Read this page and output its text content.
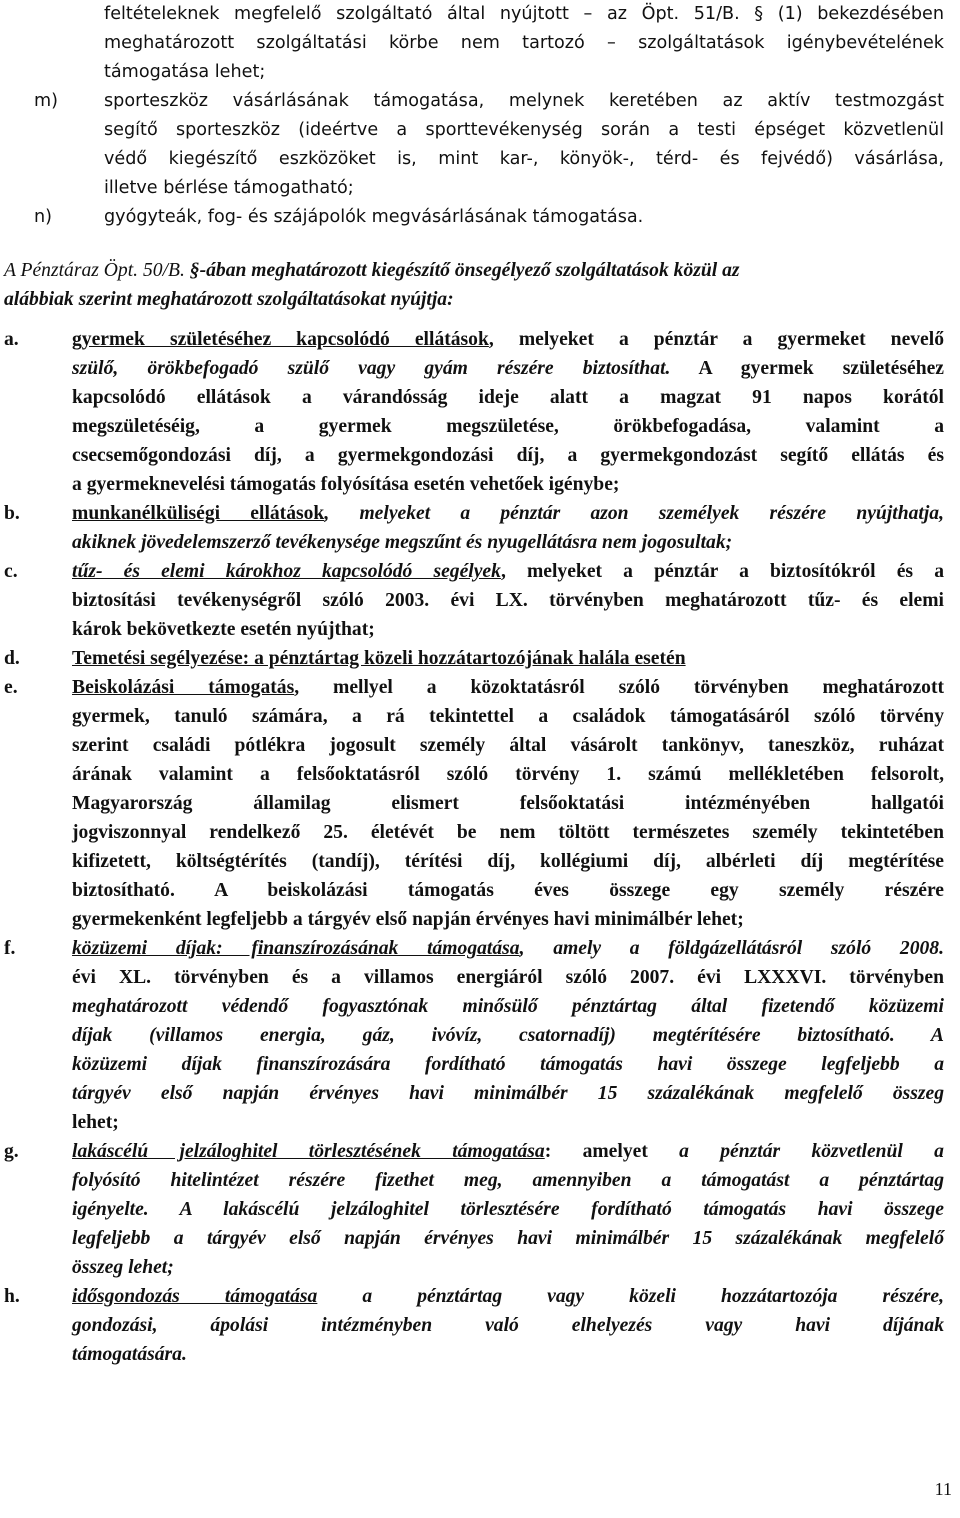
feltételeknek megfelelő szolgáltató által nyújtott – az Öpt. 51/B. § (1) bekezdésében
meghatározott szolgáltatási körbe nem tartozó – szolgáltatások igénybevételének
támogatása lehet;
m)	sporteszköz vásárlásának támogatása, melynek keretében az aktív testmozgást
segítő sporteszköz (ideértve a sporttevékenység során a testi épséget közvetlenül
védő kiegészítő eszközöket is, mint kar-, könyök-, térd- és fejvédő) vásárlása,
illetve bérlése támogatható;
n)	gyógyteák, fog- és szájápolók megvásárlásának támogatása.
A Pénztáraz Öpt. 50/B. §-ában meghatározott kiegészítő önsegélyező szolgáltatások közül az
alábbiak szerint meghatározott szolgáltatásokat nyújtja:
a.	gyermek születéséhez kapcsolódó ellátások, melyeket a pénztár a gyermeket nevelő
szülő, örökbefogadó szülő vagy gyám részére biztosíthat. A gyermek születéséhez
kapcsolódó ellátások a várandósság ideje alatt a magzat 91 napos korától
megszületéséig, a gyermek megszületése, örökbefogadása, valamint a
csecsemőgondozási díj, a gyermekgondozási díj, a gyermekgondozást segítő ellátás és
a gyermeknevelési támogatás folyósítása esetén vehetőek igénybe;
b.	munkanélküliségi ellátások, melyeket a pénztár azon személyek részére nyújthatja,
akiknek jövedelemszerző tevékenysége megszűnt és nyugellátásra nem jogosultak;
c.	tűz- és elemi károkhoz kapcsolódó segélyek, melyeket a pénztár a biztosítókról és a
biztosítási tevékenységről szóló 2003. évi LX. törvényben meghatározott tűz- és elemi
károk bekövetkezte esetén nyújthat;
d.	Temetési segélyezése: a pénztártag közeli hozzátartozójának halála esetén
e.	Beiskolázási támogatás, mellyel a közoktatásról szóló törvényben meghatározott
gyermek, tanuló számára, a rá tekintettel a családok támogatásáról szóló törvény
szerint családi pótlékra jogosult személy által vásárolt tankönyv, taneszköz, ruházat
árának valamint a felsőoktatásról szóló törvény 1. számú mellékletében felsorolt,
Magyarország államilag elismert felsőoktatási intézményében hallgatói
jogviszonnyal rendelkező 25. életévét be nem töltött természetes személy tekintetében
kifizetett, költségtérítés (tandíj), térítési díj, kollégiumi díj, albérleti díj megtérítése
biztosítható. A beiskolázási támogatás éves összege egy személy részére
gyermekenként legfeljebb a tárgyév első napján érvényes havi minimálbér lehet;
f.	közüzemi díjak: finanszírozásának támogatása, amely a földgázellátásról szóló 2008.
évi XL. törvényben és a villamos energiáról szóló 2007. évi LXXXVI. törvényben
meghatározott védendő fogyasztónak minősülő pénztártag által fizetendő közüzemi
díjak (villamos energia, gáz, ivóvíz, csatornadíj) megtérítésére biztosítható. A
közüzemi díjak finanszírozására fordítható támogatás havi összege legfeljebb a
tárgyév első napján érvényes havi minimálbér 15 százalékának megfelelő összeg
lehet;
g.	lakáscélú jelzáloghitel törlesztésének támogatása: amelyet a pénztár közvetlenül a
folyósító hitelintézet részére fizethet meg, amennyiben a támogatást a pénztártag
igényelte. A lakáscélú jelzáloghitel törlesztésére fordítható támogatás havi összege
legfeljebb a tárgyév első napján érvényes havi minimálbér 15 százalékának megfelelő
összeg lehet;
h.	idősgondozás támogatása a pénztártag vagy közeli hozzátartozója részére,
gondozási, ápolási intézményben való elhelyezés vagy havi díjának
támogatására.
11
